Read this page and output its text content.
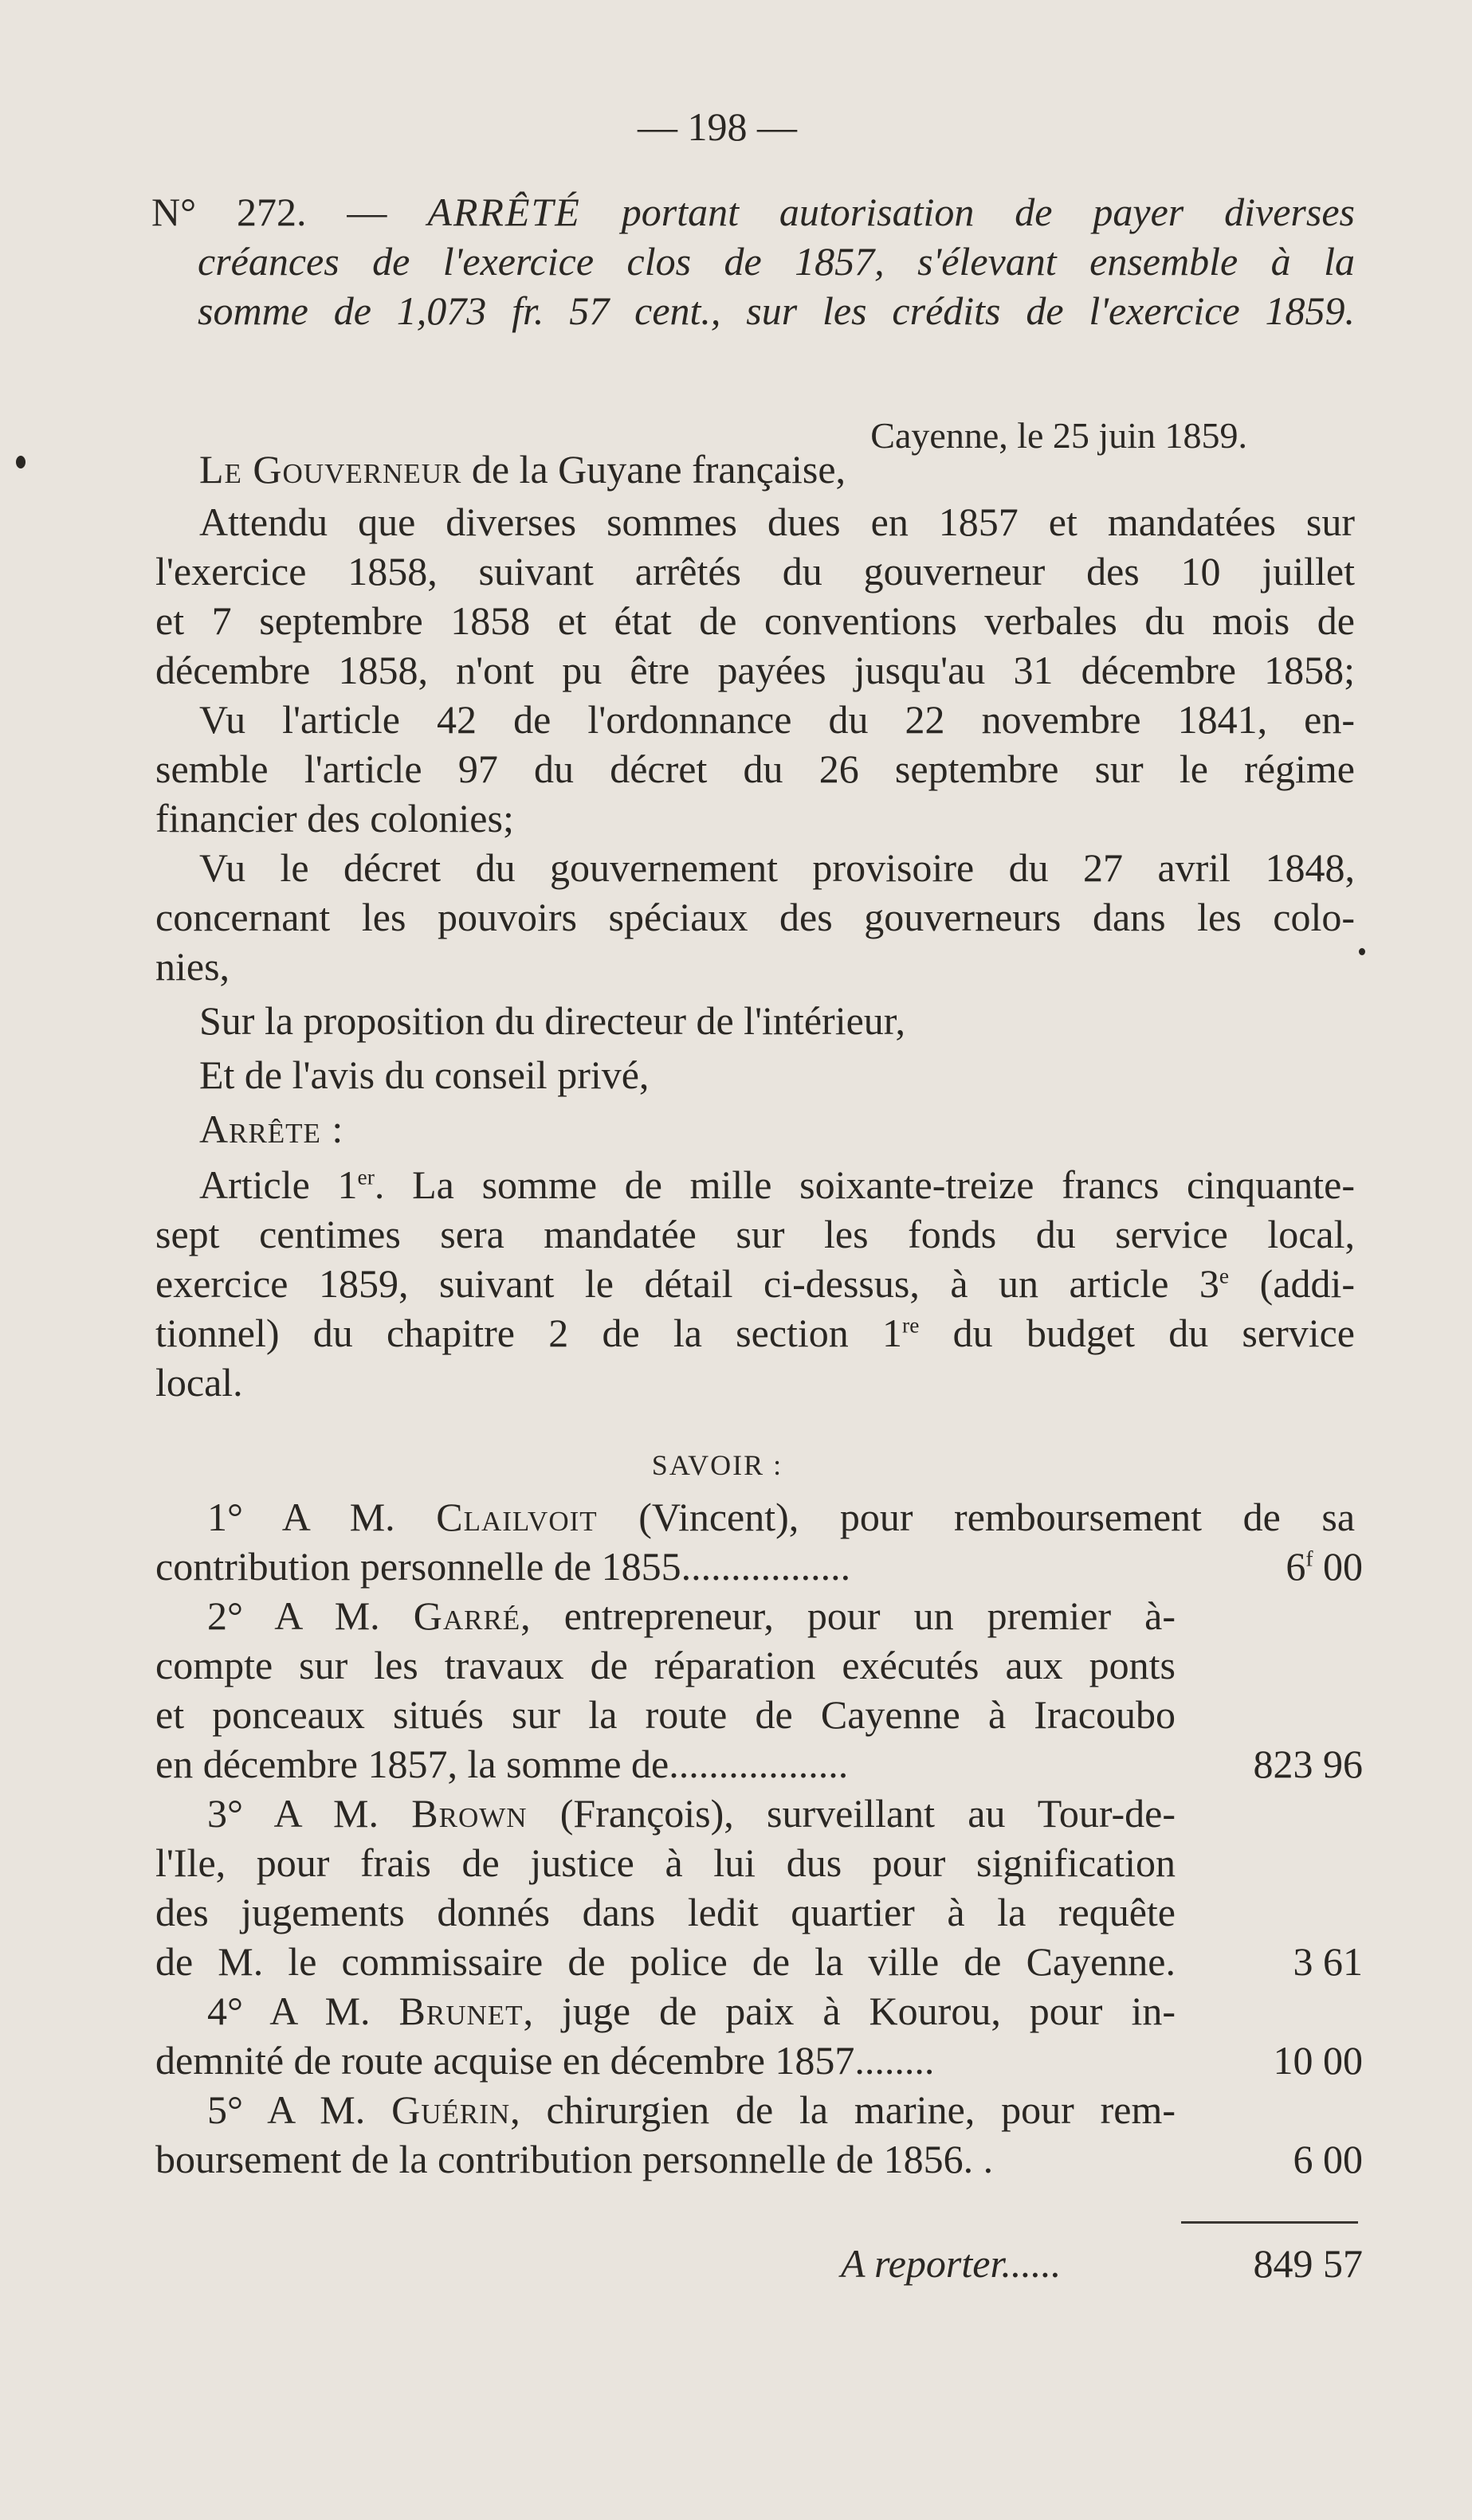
— 198 —
N° 272. — ARRÊTÉ portant autorisation de payer diverses
créances de l'exercice clos de 1857, s'élevant ensemble à la
somme de 1,073 fr. 57 cent., sur les crédits de l'exercice 1859.
Cayenne, le 25 juin 1859.
Le Gouverneur de la Guyane française,
Attendu que diverses sommes dues en 1857 et mandatées sur
l'exercice 1858, suivant arrêtés du gouverneur des 10 juillet
et 7 septembre 1858 et état de conventions verbales du mois de
décembre 1858, n'ont pu être payées jusqu'au 31 décembre 1858;
Vu l'article 42 de l'ordonnance du 22 novembre 1841, en-
semble l'article 97 du décret du 26 septembre sur le régime
financier des colonies;
Vu le décret du gouvernement provisoire du 27 avril 1848,
concernant les pouvoirs spéciaux des gouverneurs dans les colo-
nies,
Sur la proposition du directeur de l'intérieur,
Et de l'avis du conseil privé,
Arrête :
Article 1er. La somme de mille soixante-treize francs cinquante-
sept centimes sera mandatée sur les fonds du service local,
exercice 1859, suivant le détail ci-dessus, à un article 3e (addi-
tionnel) du chapitre 2 de la section 1re du budget du service
local.
SAVOIR :
1° A M. Clailvoit (Vincent), pour remboursement de sa
contribution personnelle de 1855.................	6$^f$ 00
2° A M. Garré, entrepreneur, pour un premier à-
compte sur les travaux de réparation exécutés aux ponts
et ponceaux situés sur la route de Cayenne à Iracoubo
en décembre 1857, la somme de..................	823 96
3° A M. Brown (François), surveillant au Tour-de-
l'Ile, pour frais de justice à lui dus pour signification
des jugements donnés dans ledit quartier à la requête
de M. le commissaire de police de la ville de Cayenne.	3 61
4° A M. Brunet, juge de paix à Kourou, pour in-
demnité de route acquise en décembre 1857........	10 00
5° A M. Guérin, chirurgien de la marine, pour rem-
boursement de la contribution personnelle de 1856. .	6 00
A reporter......	849 57
